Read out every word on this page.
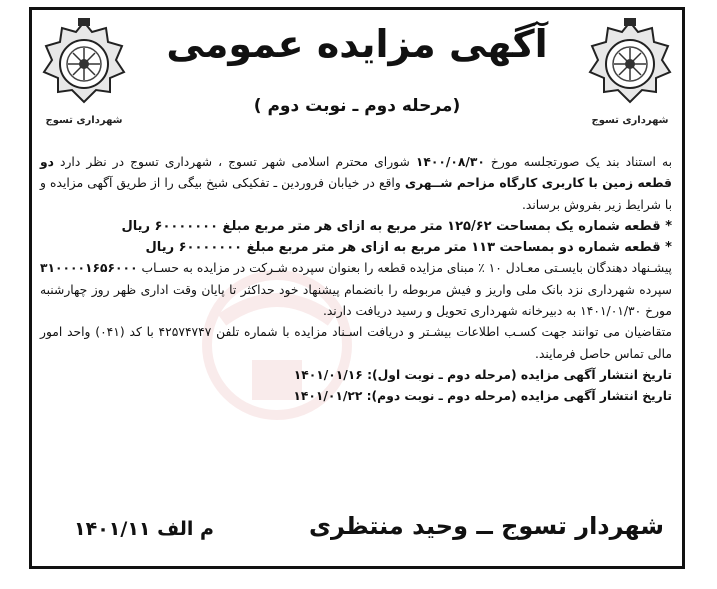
شهرداری تسوج
شهرداری تسوج
آگهی مزایده عمومی
(مرحله دوم ـ نوبت دوم )

به استناد بند یک صورتجلسه مورخ ۱۴۰۰/۰۸/۳۰ شورای محترم اسلامی شهر تسوج ، شهرداری تسوج در نظر دارد دو قطعه زمین با کاربری کارگاه مزاحم شــهری واقع در خیابان فروردین ـ تفکیکی شیخ بیگی را از طریق آگهی مزایده و با شرایط زیر بفروش برساند.

* قطعه شماره یک بمساحت ۱۲۵/۶۲ متر مربع به ازای هر متر مربع مبلغ ۶۰۰۰۰۰۰۰ ریال

* قطعه شماره دو بمساحت ۱۱۳ متر مربع به ازای هر متر مربع مبلغ ۶۰۰۰۰۰۰۰ ریال

پیشـنهاد دهندگان بایسـتی معـادل ۱۰ ٪ مبنای مزایده قطعه را بعنوان سپرده شـرکت در مزایده به حسـاب ۳۱۰۰۰۰۱۶۵۶۰۰۰ سپرده شهرداری نزد بانک ملی واریز و فیش مربوطه را بانضمام پیشنهاد خود حداکثر تا پایان وقت اداری ظهر روز چهارشنبه مورخ ۱۴۰۱/۰۱/۳۰ به دبیرخانه شهرداری تحویل و رسید دریافت دارند.

متقاضیان می توانند جهت کسـب اطلاعات بیشـتر و دریافت اسـناد مزایده با شماره تلفن ۴۲۵۷۴۷۴۷ با کد (۰۴۱) واحد امور مالی تماس حاصل فرمایند.

تاریخ انتشار آگهی مزایده (مرحله دوم ـ نوبت اول): ۱۴۰۱/۰۱/۱۶

تاریخ انتشار آگهی مزایده (مرحله دوم ـ نوبت دوم): ۱۴۰۱/۰۱/۲۲

شهردار تسوج ــ وحید منتظری
م الف ۱۴۰۱/۱۱
